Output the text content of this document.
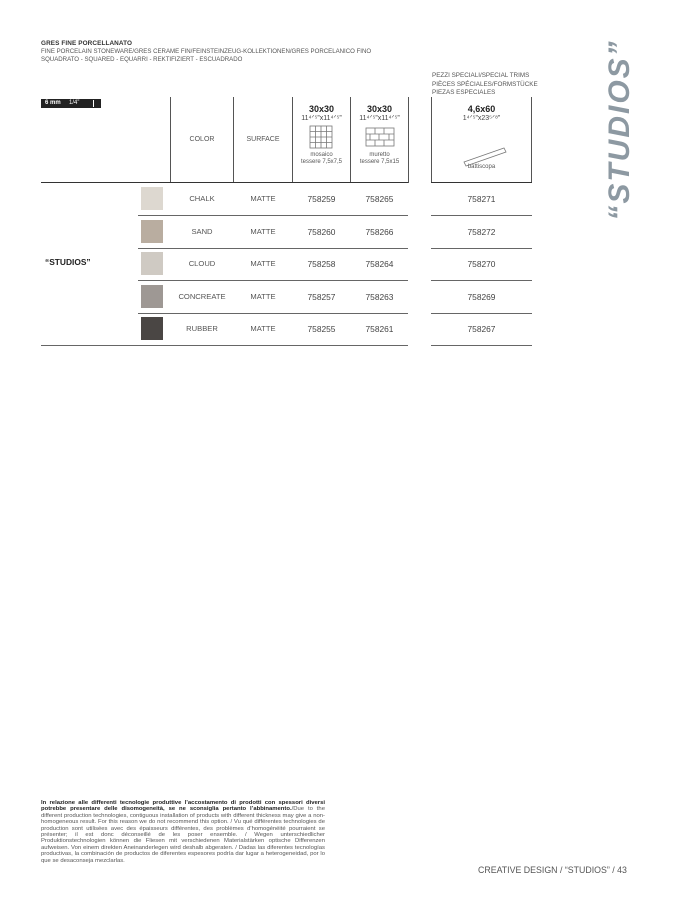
GRES FINE PORCELLANATO
FINE PORCELAIN STONEWARE/GRES CERAME FIN/FEINSTEINZEUG-KOLLEKTIONEN/GRES PORCELANICO FINO
SQUADRATO - SQUARED - EQUARRI - REKTIFIZIERT - ESCUADRADO	“STUDIOS”
PEZZI SPECIALI/SPECIAL TRIMS
PIÈCES SPÉCIALES/FORMSTÜCKE
PIEZAS ESPECIALES
6 mm 1/4”
COLOR	SURFACE
30x30
11⁴ᐟ⁵”x11⁴ᐟ⁵”
mosaico
tessere 7,5x7,5
30x30
11⁴ᐟ⁵”x11⁴ᐟ⁵”
muretto
tessere 7,5x15
4,6x60
1⁴ᐟ⁵”x23⁵ᐟ⁸”
battiscopa
“STUDIOS”
CHALK	MATTE	758259	758265	758271
SAND	MATTE	758260	758266	758272
CLOUD	MATTE	758258	758264	758270
CONCREATE	MATTE	758257	758263	758269
RUBBER	MATTE	758255	758261	758267
In relazione alle differenti tecnologie produttive l’accostamento di prodotti con spessori diversi potrebbe presentare delle disomogeneità, se ne sconsiglia pertanto l’abbinamento./Due to the different production technologies, contiguous installation of products with different thickness may give a non-homogeneous result. For this reason we do not recommend this option. / Vu qué différentes technologies de production sont utilisées avec des épaisseurs différentes, des problèmes d’homogénéité pourraient se présenter; il est donc déconseillé de les poser ensemble. / Wegen unterschiedlicher Produktionstechnologien können die Fliesen mit verschiedenen Materialstärken optische Differenzen aufweisen. Von einem direkten Aneinanderlegen wird deshalb abgeraten. / Dadas las diferentes tecnologías productivas, la combinación de productos de diferentes espesores podría dar lugar a heterogeneidad, por lo que se desaconseja mezclarlas.
CREATIVE DESIGN / “STUDIOS” / 43
